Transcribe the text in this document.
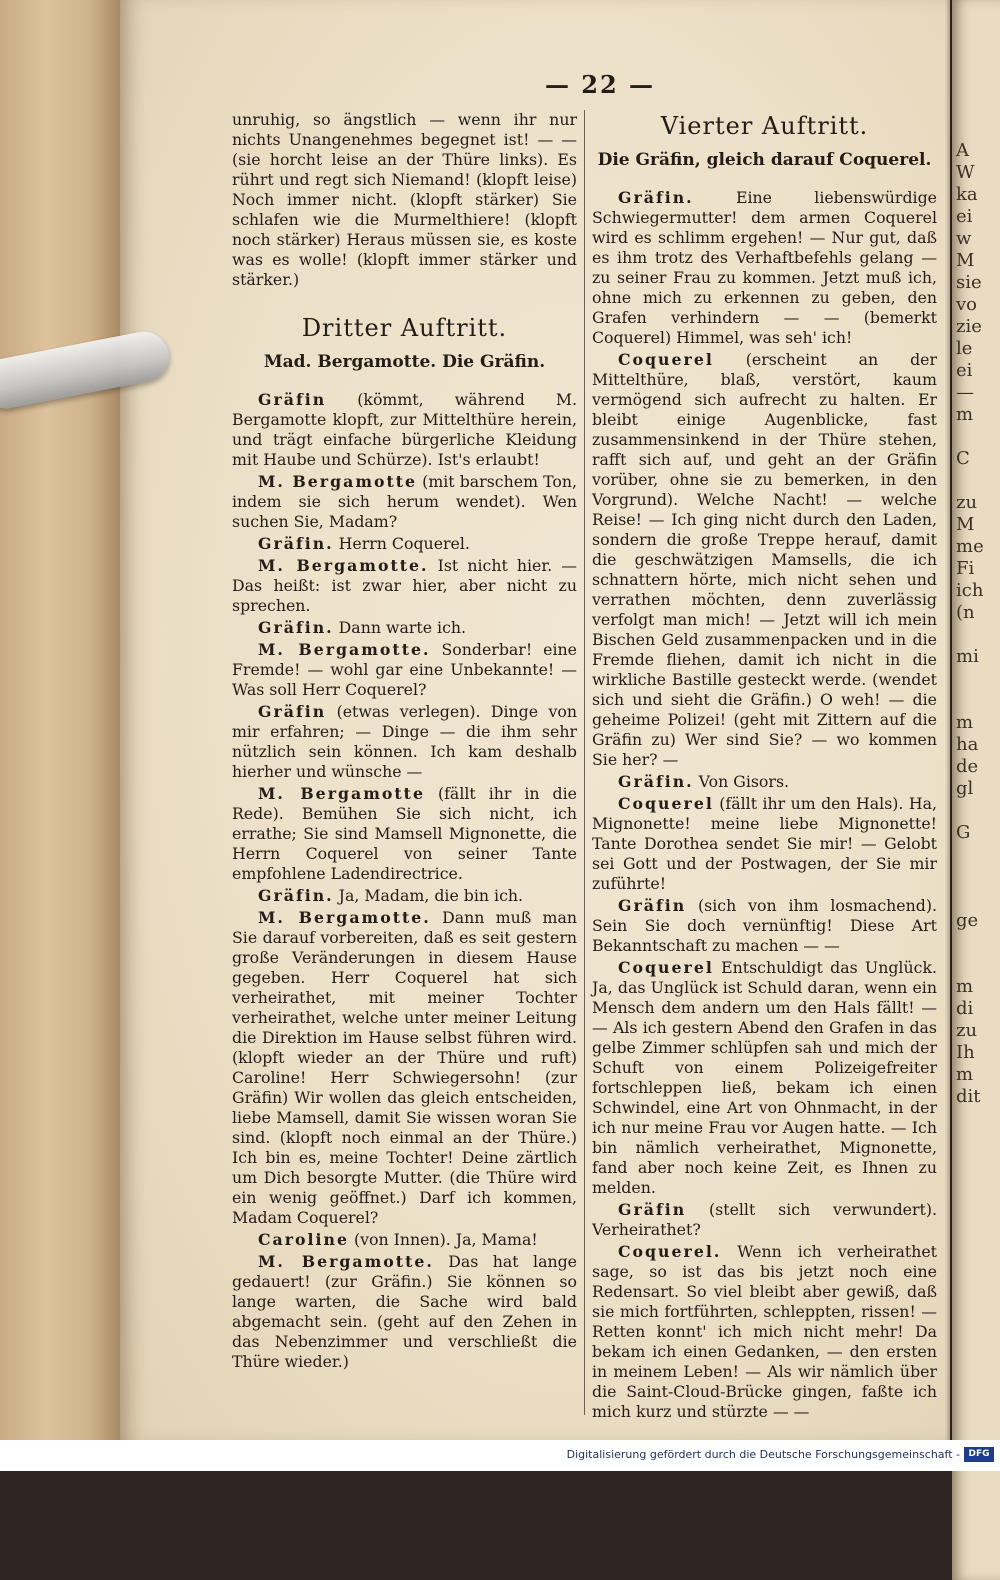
A
W
ka
ei
w
M
sie
vo
zie
le
ei
—
m

C

zu
M
me
Fi
ich
(n

mi

m
ha
de
gl

G

ge

m
di
zu
Ih
m
dit
— 22 —

unruhig, so ängstlich — wenn ihr nur nichts Unangenehmes begegnet ist! — — (sie horcht leise an der Thüre links). Es rührt und regt sich Niemand! (klopft leise) Noch immer nicht. (klopft stärker) Sie schlafen wie die Murmelthiere! (klopft noch stärker) Heraus müssen sie, es koste was es wolle! (klopft immer stärker und stärker.)

Dritter Auftritt.
Mad. Bergamotte. Die Gräfin.

Gräfin (kömmt, während M. Bergamotte klopft, zur Mittelthüre herein, und trägt einfache bürgerliche Kleidung mit Haube und Schürze). Ist's erlaubt!

M. Bergamotte (mit barschem Ton, indem sie sich herum wendet). Wen suchen Sie, Madam?

Gräfin. Herrn Coquerel.

M. Bergamotte. Ist nicht hier. — Das heißt: ist zwar hier, aber nicht zu sprechen.

Gräfin. Dann warte ich.

M. Bergamotte. Sonderbar! eine Fremde! — wohl gar eine Unbekannte! — Was soll Herr Coquerel?

Gräfin (etwas verlegen). Dinge von mir erfahren; — Dinge — die ihm sehr nützlich sein können. Ich kam deshalb hierher und wünsche —

M. Bergamotte (fällt ihr in die Rede). Bemühen Sie sich nicht, ich errathe; Sie sind Mamsell Mignonette, die Herrn Coquerel von seiner Tante empfohlene Ladendirectrice.

Gräfin. Ja, Madam, die bin ich.

M. Bergamotte. Dann muß man Sie darauf vorbereiten, daß es seit gestern große Veränderungen in diesem Hause gegeben. Herr Coquerel hat sich verheirathet, mit meiner Tochter verheirathet, welche unter meiner Leitung die Direktion im Hause selbst führen wird. (klopft wieder an der Thüre und ruft) Caroline! Herr Schwiegersohn! (zur Gräfin) Wir wollen das gleich entscheiden, liebe Mamsell, damit Sie wissen woran Sie sind. (klopft noch einmal an der Thüre.) Ich bin es, meine Tochter! Deine zärtlich um Dich besorgte Mutter. (die Thüre wird ein wenig geöffnet.) Darf ich kommen, Madam Coquerel?

Caroline (von Innen). Ja, Mama!

M. Bergamotte. Das hat lange gedauert! (zur Gräfin.) Sie können so lange warten, die Sache wird bald abgemacht sein. (geht auf den Zehen in das Nebenzimmer und verschließt die Thüre wieder.)

Vierter Auftritt.
Die Gräfin, gleich darauf Coquerel.

Gräfin.	Eine liebenswürdige Schwiegermutter! dem armen Coquerel wird es schlimm ergehen! — Nur gut, daß es ihm trotz des Verhaftbefehls gelang — zu seiner Frau zu kommen. Jetzt muß ich, ohne mich zu erkennen zu geben, den Grafen verhindern — — (bemerkt Coquerel) Himmel, was seh' ich!

Coquerel (erscheint an der Mittelthüre, blaß, verstört, kaum vermögend sich aufrecht zu halten. Er bleibt einige Augenblicke, fast zusammensinkend in der Thüre stehen, rafft sich auf, und geht an der Gräfin vorüber, ohne sie zu bemerken, in den Vorgrund). Welche Nacht! — welche Reise! — Ich ging nicht durch den Laden, sondern die große Treppe herauf, damit die geschwätzigen Mamsells, die ich schnattern hörte, mich nicht sehen und verrathen möchten, denn zuverlässig verfolgt man mich! — Jetzt will ich mein Bischen Geld zusammenpacken und in die Fremde fliehen, damit ich nicht in die wirkliche Bastille gesteckt werde. (wendet sich und sieht die Gräfin.) O weh! — die geheime Polizei! (geht mit Zittern auf die Gräfin zu) Wer sind Sie? — wo kommen Sie her? —

Gräfin. Von Gisors.

Coquerel (fällt ihr um den Hals). Ha, Mignonette! meine liebe Mignonette! Tante Dorothea sendet Sie mir! — Gelobt sei Gott und der Postwagen, der Sie mir zuführte!

Gräfin (sich von ihm losmachend). Sein Sie doch vernünftig! Diese Art Bekanntschaft zu machen — —

Coquerel Entschuldigt das Unglück. Ja, das Unglück ist Schuld daran, wenn ein Mensch dem andern um den Hals fällt! — — Als ich gestern Abend den Grafen in das gelbe Zimmer schlüpfen sah und mich der Schuft von einem Polizeigefreiter fortschleppen ließ, bekam ich einen Schwindel, eine Art von Ohnmacht, in der ich nur meine Frau vor Augen hatte. — Ich bin nämlich verheirathet, Mignonette, fand aber noch keine Zeit, es Ihnen zu melden.

Gräfin (stellt sich verwundert). Verheirathet?

Coquerel. Wenn ich verheirathet sage, so ist das bis jetzt noch eine Redensart. So viel bleibt aber gewiß, daß sie mich fortführten, schleppten, rissen! — Retten konnt' ich mich nicht mehr! Da bekam ich einen Gedanken, — den ersten in meinem Leben! — Als wir nämlich über die Saint-Cloud-Brücke gingen, faßte ich mich kurz und stürzte — —

Digitalisierung gefördert durch die Deutsche Forschungsgemeinschaft - DFG
